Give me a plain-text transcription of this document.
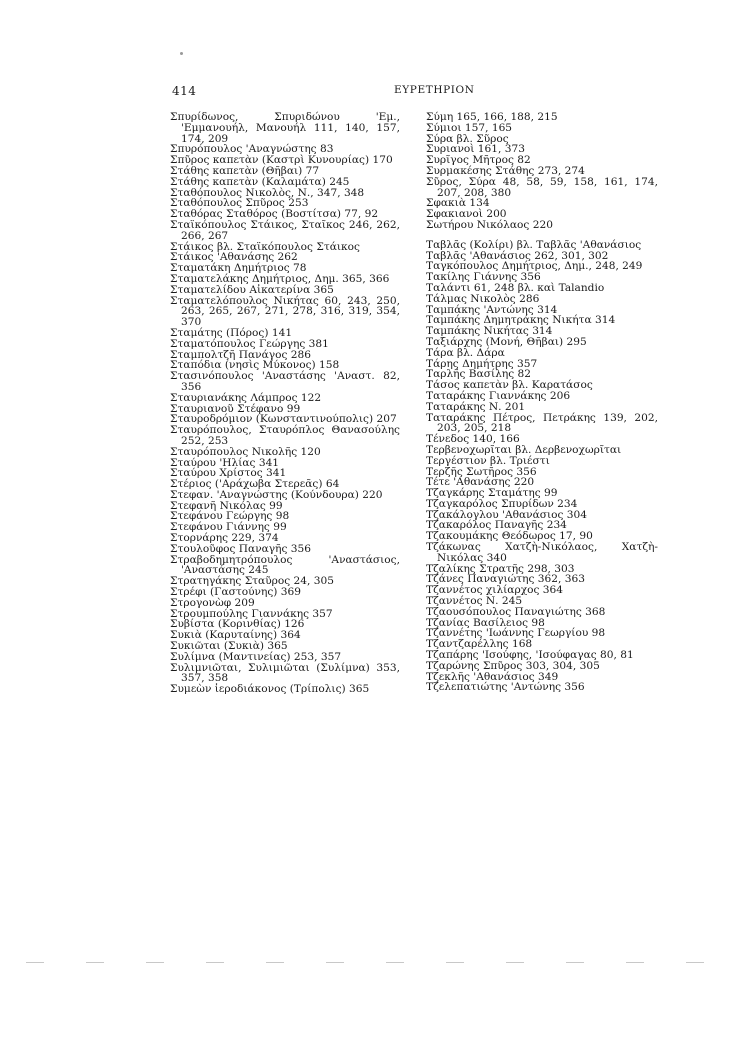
414	ΕΥΡΕΤΗΡΙΟΝ
Σπυρίδωνος, Σπυριδώνου 'Εμ., 'Εμμανουήλ, Μανουήλ 111, 140, 157, 174, 209
Σπυρόπουλος 'Αναγνώστης 83
Σπῦρος καπετὰν (Καστρὶ Κυνουρίας) 170
Στάθης καπετὰν (Θῆβαι) 77
Στάθης καπετὰν (Καλαμάτα) 245
Σταθόπουλος Νικολὸς, Ν., 347, 348
Σταθόπουλος Σπῦρος 253
Σταθόρας Σταθόρος (Βοστίτσα) 77, 92
Σταϊκόπουλος Στάικος, Σταῖκος 246, 262, 266, 267
Στάικος βλ. Σταϊκόπουλος Στάικος
Στάικος 'Αθανάσης 262
Σταματάκη Δημήτριος 78
Σταματελάκης Δημήτριος, Δημ. 365, 366
Σταματελίδου Αἰκατερίνα 365
Σταματελόπουλος Νικήτας 60, 243, 250, 263, 265, 267, 271, 278, 316, 319, 354, 370
Σταμάτης (Πόρος) 141
Σταματόπουλος Γεώργης 381
Σταμπολτζῆ Πανάγος 286
Σταπόδια (νησὶς Μύκονος) 158
Στασινόπουλος 'Αναστάσης 'Αναστ. 82, 356
Σταυριανάκης Λάμπρος 122
Σταυριανοῦ Στέφανο 99
Σταυροδρόμιον (Κωνσταντινούπολις) 207
Σταυρόπουλος, Σταυρόπλος Θανασούλης 252, 253
Σταυρόπουλος Νικολῆς 120
Σταύρου 'Ηλίας 341
Σταύρου Χρίστος 341
Στέριος ('Αράχωβα Στερεᾶς) 64
Στεφαν. 'Αναγνώστης (Κούνδουρα) 220
Στεφανῆ Νικόλας 99
Στεφάνου Γεώργης 98
Στεφάνου Γιάννης 99
Στορνάρης 229, 374
Στουλοῦφος Παναγῆς 356
Στραβοδημητρόπουλος 'Αναστάσιος, 'Αναστάσης 245
Στρατηγάκης Σταῦρος 24, 305
Στρέφι (Γαστούνης) 369
Στρογονὼφ 209
Στρουμπούλης Γιαννάκης 357
Συβίστα (Κορινθίας) 126
Συκιὰ (Καρυταίνης) 364
Συκιῶται (Συκιὰ) 365
Συλίμνα (Μαντινείας) 253, 357
Συλιμνιῶται, Συλιμιῶται (Συλίμνα) 353, 357, 358
Συμεὼν ἱεροδιάκονος (Τρίπολις) 365
Σύμη 165, 166, 188, 215
Σύμιοι 157, 165
Σύρα βλ. Σῦρος
Συριανοὶ 161, 373
Συρῖγος Μῆτρος 82
Συρμακέσης Στάθης 273, 274
Σῦρος, Σύρα 48, 58, 59, 158, 161, 174, 207, 208, 380
Σφακιὰ 134
Σφακιανοὶ 200
Σωτήρου Νικόλαος 220
Ταβλᾶς (Κολίρι) βλ. Ταβλᾶς 'Αθανάσιος
Ταβλᾶς 'Αθανάσιος 262, 301, 302
Ταγκόπουλος Δημήτριος, Δημ., 248, 249
Τακίλης Γιάννης 356
Ταλάντι 61, 248 βλ. καὶ Talandio
Τάλμας Νικολὸς 286
Ταμπάκης 'Αντώνης 314
Ταμπάκης Δημητράκης Νικήτα 314
Ταμπάκης Νικήτας 314
Ταξιάρχης (Μονή, Θῆβαι) 295
Τάρα βλ. Δάρα
Τάρης Δημήτρης 357
Ταρλῆς Βασίλης 82
Τάσος καπετὰν βλ. Καρατάσος
Ταταράκης Γιαννάκης 206
Ταταράκης Ν. 201
Ταταράκης Πέτρος, Πετράκης 139, 202, 203, 205, 218
Τένεδος 140, 166
Τερβενοχωρῖται βλ. Δερβενοχωρῖται
Τεργέστιον βλ. Τριέστι
Τερζῆς Σωτῆρος 356
Τέτε 'Αθανάσης 220
Τζαγκάρης Σταμάτης 99
Τζαγκαρόλος Σπυρίδων 234
Τζακάλογλου 'Αθανάσιος 304
Τζακαρόλος Παναγῆς 234
Τζακουμάκης Θεόδωρος 17, 90
Τζάκωνας Χατζὴ-Νικόλαος, Χατζὴ-Νικόλας 340
Τζαλίκης Στρατῆς 298, 303
Τζάνες Παναγιώτης 362, 363
Τζαννέτος χιλίαρχος 364
Τζαννέτος Ν. 245
Τζαουσόπουλος Παναγιώτης 368
Τζανίας Βασίλειος 98
Τζαννέτης 'Ιωάννης Γεωργίου 98
Τζαντζαρέλλης 168
Τζαπάρης 'Ισούφης, 'Ισούφαγας 80, 81
Τζαρώνης Σπῦρος 303, 304, 305
Τζεκλῆς 'Αθανάσιος 349
Τζελεπατιώτης 'Αντώνης 356
